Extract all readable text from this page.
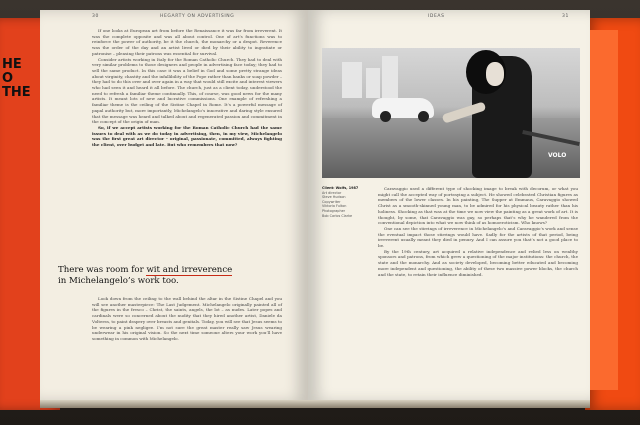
HE
O
THE
30	HEGARTY ON ADVERTISING

If one looks at European art from before the Renaissance it was far from irreverent. It was the complete opposite and was all about control. One of art’s functions was to reinforce the power of authority, be it the church, the monarchy or a despot. Reverence was the order of the day and an artist lived or died by their ability to ingratiate or patronise – pleasing their patrons was essential for survival.

Consider artists working in Italy for the Roman Catholic Church. They had to deal with very similar problems to those designers and people in advertising face today; they had to sell the same product. In this case it was a belief in God and some pretty strange ideas about virginity, chastity and the infallibility of the Pope rather than banks or soap powder – they had to do this over and over again in a way that would still excite and interest viewers who had seen it and heard it all before. The church, just as a client today, understood the need to refresh a familiar theme continually. This, of course, was good news for the many artists. It meant lots of new and lucrative commissions. One example of refreshing a familiar theme is the ceiling of the Sistine Chapel in Rome. It’s a powerful message of papal authority but, more importantly, Michelangelo’s innovative and daring style ensured that the message was heard and talked about and regenerated passion and commitment in the concept of the origin of man.

So, if we accept artists working for the Roman Catholic Church had the same issues to deal with as we do today in advertising, then, in my view, Michelangelo was the first great art director – original, passionate, committed, always fighting the client, over budget and late. But who remembers that now?

There was room for wit and irreverence
in Michelangelo’s work too.

Look down from the ceiling to the wall behind the altar in the Sistine Chapel and you will see another masterpiece: The Last Judgement. Michelangelo originally painted all of the figures in the fresco – Christ, the saints, angels, the lot – as nudes. Later popes and cardinals were so concerned about the nudity that they hired another artist, Daniele da Volterra, to paint drapery over breasts and genitals. Today, you will see that Jesus seems to be wearing a pink negligee. I’m not sure the great master really saw Jesus wearing underwear in his original vision. So the next time someone alters your work you’ll have something in common with Michelangelo.

IDEAS	31
VOLO
Client: Wolfs, 1987
Art director
Steve Hudson
Copywriter
Viktoria Fulton
Photographer
Bob Carlos Clarke

Caravaggio used a different type of shocking image to break with decorum, or what you might call the accepted way of portraying a subject. He showed celebrated Christian figures as members of the lower classes. In his painting, The Supper at Emmaus, Caravaggio showed Christ as a smooth-skinned young man, to be admired for his physical beauty rather than his holiness. Shocking as that was at the time we now view the painting as a great work of art. It is thought, by some, that Caravaggio was gay, so perhaps that’s why he wandered from the conventional depiction into what we now think of as homoeroticism. Who knows?

One can see the stirrings of irreverence in Michelangelo’s and Caravaggio’s work and sense the eventual impact those stirrings would have. Sadly for the artists of that period, being irreverent usually meant they died in penury. And I can assure you that’s not a good place to be.

By the 19th century, art acquired a relative independence and relied less on wealthy sponsors and patrons, from which grew a questioning of the major institutions: the church, the state and the monarchy. And as society developed, becoming better educated and becoming more independent and questioning, the ability of these two massive power blocks, the church and the state, to retain their influence diminished.
